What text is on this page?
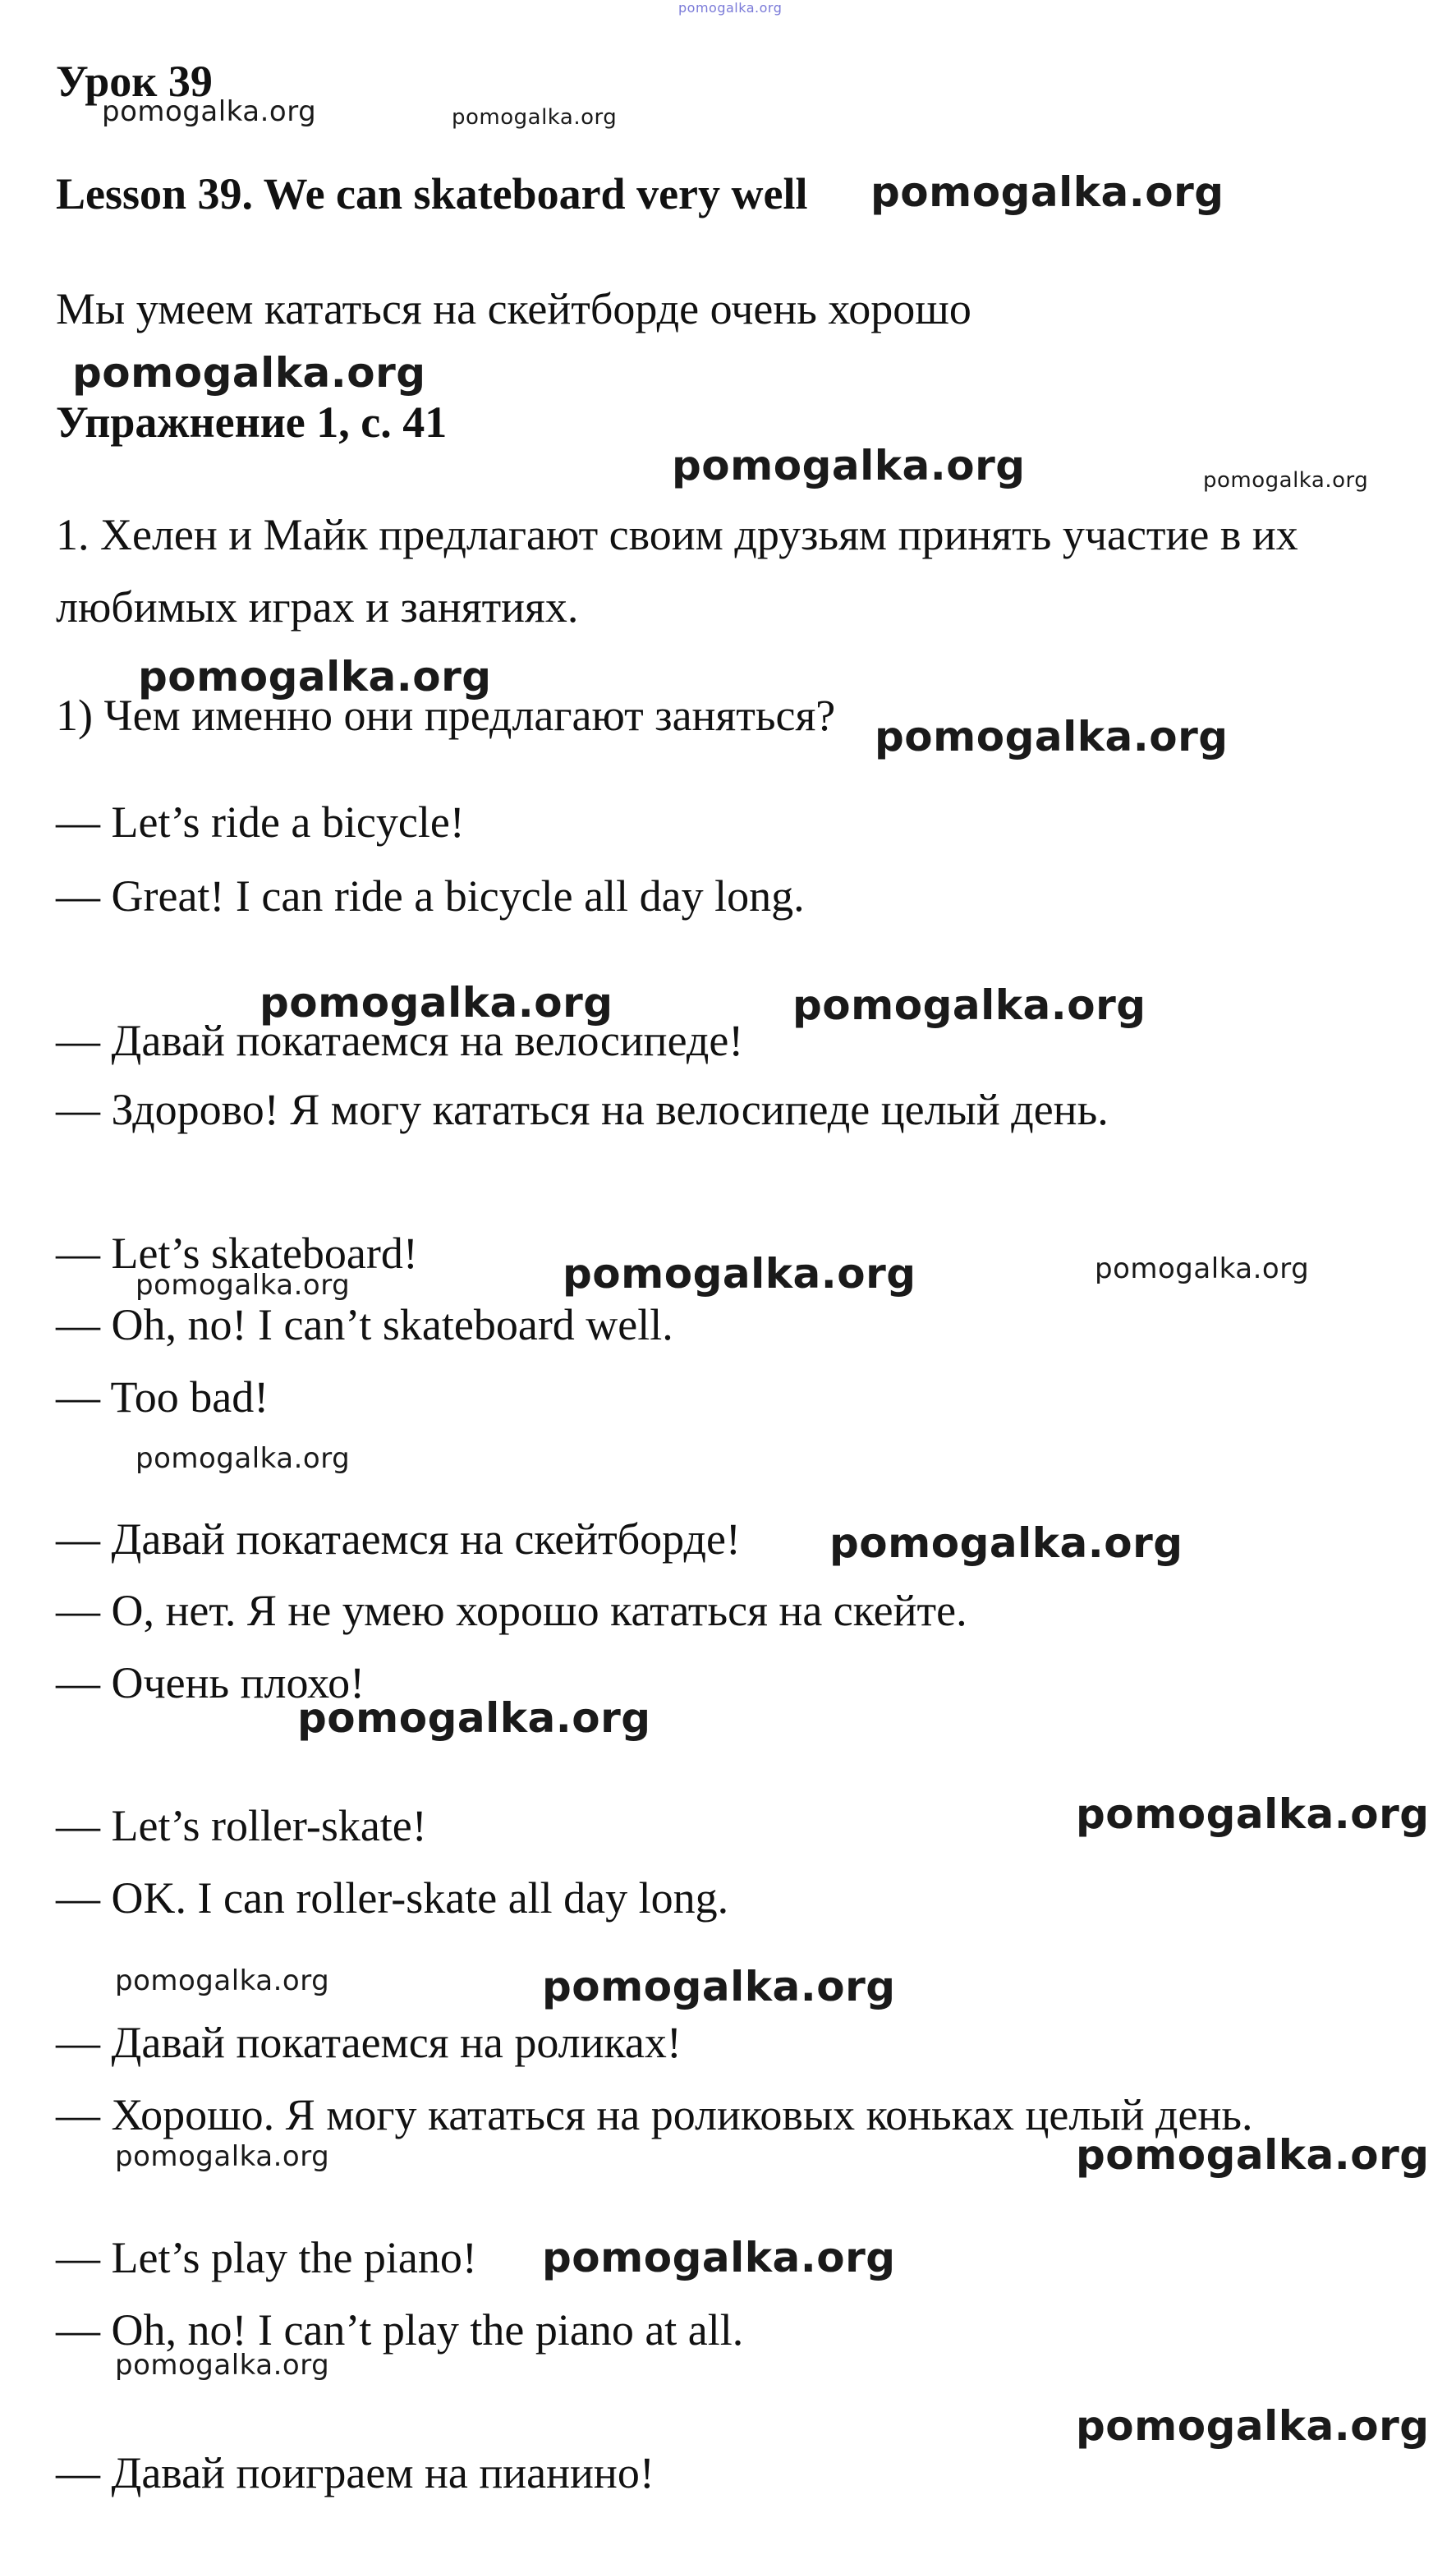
pomogalka.org
Урок 39
pomogalka.org	pomogalka.org
Lesson 39. We can skateboard very well pomogalka.org
Мы умеем кататься на скейтборде очень хорошо
pomogalka.org
Упражнение 1, с. 41
pomogalka.org	pomogalka.org
1. Хелен и Майк предлагают своим друзьям принять участие в их
любимых играх и занятиях.
pomogalka.org
1) Чем именно они предлагают заняться? pomogalka.org
— Let’s ride a bicycle!
— Great! I can ride a bicycle all day long.
pomogalka.org	pomogalka.org
— Давай покатаемся на велосипеде!
— Здорово! Я могу кататься на велосипеде целый день.
— Let’s skateboard!
pomogalka.org	pomogalka.org	pomogalka.org
— Oh, no! I can’t skateboard well.
— Too bad!
pomogalka.org
— Давай покатаемся на скейтборде! pomogalka.org
— О, нет. Я не умею хорошо кататься на скейте.
— Очень плохо!
pomogalka.org
— Let’s roller-skate!	pomogalka.org
— OK. I can roller-skate all day long.
pomogalka.org	pomogalka.org
— Давай покатаемся на роликах!
— Хорошо. Я могу кататься на роликовых коньках целый день.
pomogalka.org	pomogalka.org
— Let’s play the piano! pomogalka.org
— Oh, no! I can’t play the piano at all.
pomogalka.org
pomogalka.org
— Давай поиграем на пианино!
